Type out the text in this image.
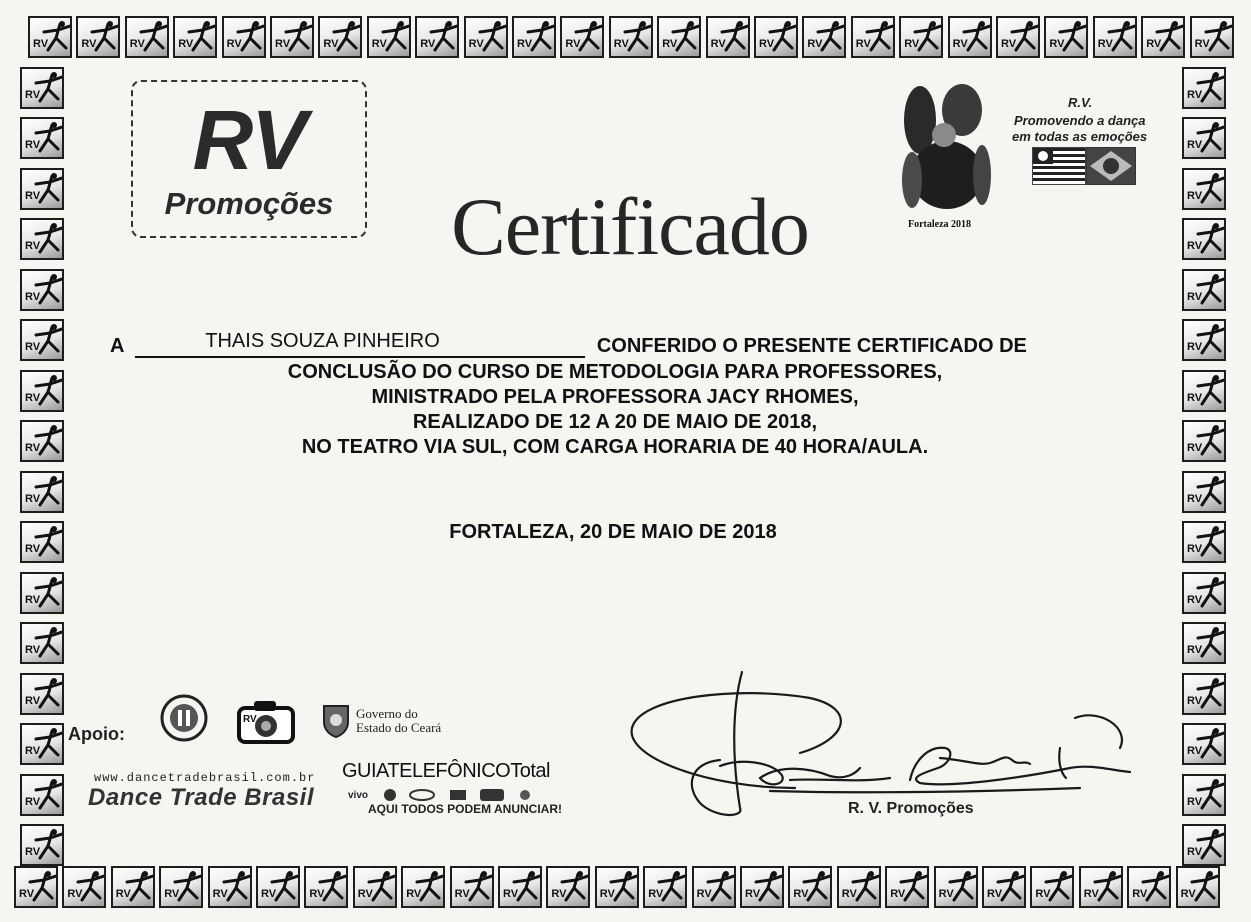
RV	RV	RV	RV	RV	RV	RV	RV	RV	RV	RV	RV	RV	RV	RV	RV	RV	RV	RV	RV	RV	RV	RV	RV	RV
RV	RV	RV	RV	RV	RV	RV	RV	RV	RV	RV	RV	RV	RV	RV	RV	RV	RV	RV	RV	RV	RV	RV	RV	RV
RV
RV
RV
RV
RV
RV
RV
RV
RV
RV
RV
RV
RV
RV
RV
RV
RV
RV
RV
RV
RV
RV
RV
RV
RV
RV
RV
RV
RV
RV
RV
RV
RV
Promoções	Certificado	Fortaleza 2018
R.V.
Promovendo a dança
em todas as emoções
A	THAIS SOUZA PINHEIRO	CONFERIDO O PRESENTE CERTIFICADO DE
CONCLUSÃO DO CURSO DE METODOLOGIA PARA PROFESSORES,
MINISTRADO PELA PROFESSORA JACY RHOMES,
REALIZADO DE 12 A 20 DE MAIO DE 2018,
NO TEATRO VIA SUL, COM CARGA HORARIA DE 40 HORA/AULA.
FORTALEZA, 20 DE MAIO DE 2018
Apoio:
RV	Governo do
Estado do Ceará
www.dancetradebrasil.com.br
Dance Trade Brasil
GUIATELEFÔNICOTotal
vivo
AQUI TODOS PODEM ANUNCIAR!	R. V. Promoções
